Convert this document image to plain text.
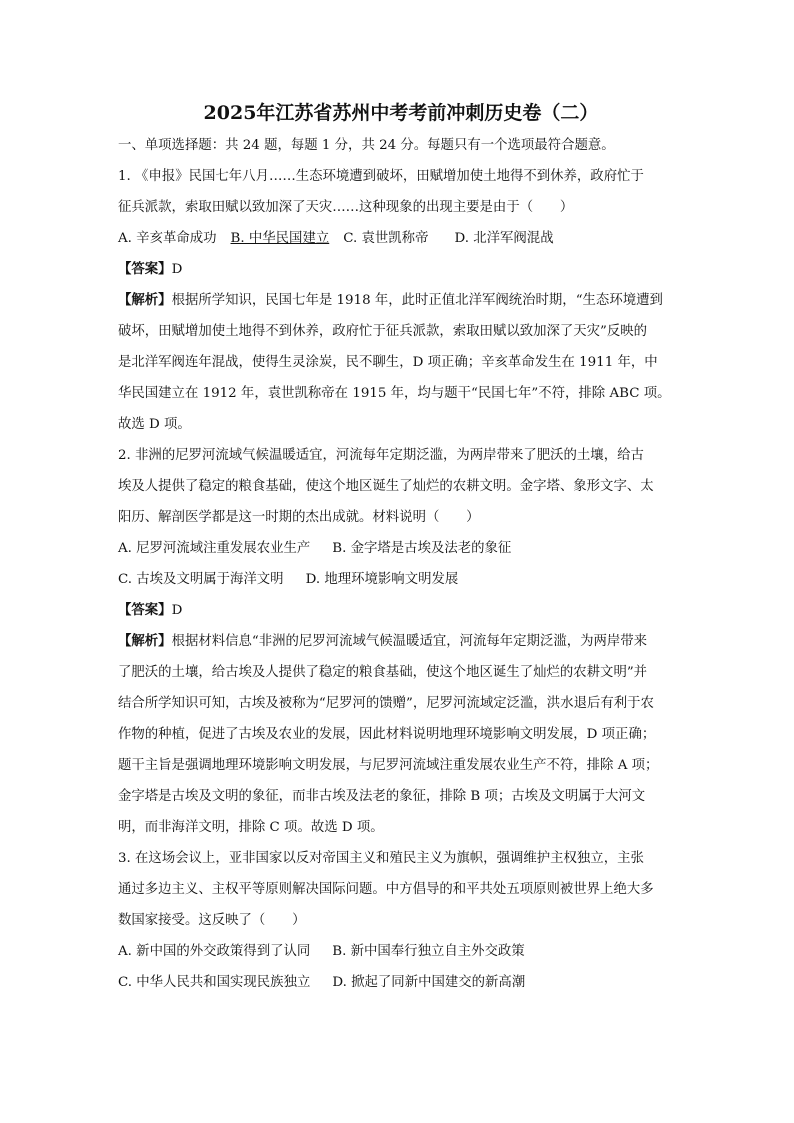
2025年江苏省苏州中考考前冲刺历史卷（二）
一、单项选择题：共 24 题，每题 1 分，共 24 分。每题只有一个选项最符合题意。
1. 《申报》民国七年八月……生态环境遭到破坏，田赋增加使土地得不到休养，政府忙于
征兵派款，索取田赋以致加深了天灾……这种现象的出现主要是由于（　　）
A. 辛亥革命成功 B. 中华民国建立 C. 袁世凯称帝 D. 北洋军阀混战
【答案】D
【解析】根据所学知识，民国七年是 1918 年，此时正值北洋军阀统治时期，“生态环境遭到
破坏，田赋增加使土地得不到休养，政府忙于征兵派款，索取田赋以致加深了天灾”反映的
是北洋军阀连年混战，使得生灵涂炭，民不聊生，D 项正确；辛亥革命发生在 1911 年，中
华民国建立在 1912 年，袁世凯称帝在 1915 年，均与题干“民国七年”不符，排除 ABC 项。
故选 D 项。
2. 非洲的尼罗河流域气候温暖适宜，河流每年定期泛滥，为两岸带来了肥沃的土壤，给古
埃及人提供了稳定的粮食基础，使这个地区诞生了灿烂的农耕文明。金字塔、象形文字、太
阳历、解剖医学都是这一时期的杰出成就。材料说明（　　）
A. 尼罗河流域注重发展农业生产 B. 金字塔是古埃及法老的象征
C. 古埃及文明属于海洋文明 D. 地理环境影响文明发展
【答案】D
【解析】根据材料信息“非洲的尼罗河流域气候温暖适宜，河流每年定期泛滥，为两岸带来
了肥沃的土壤，给古埃及人提供了稳定的粮食基础，使这个地区诞生了灿烂的农耕文明”并
结合所学知识可知，古埃及被称为“尼罗河的馈赠”，尼罗河流域定泛滥，洪水退后有利于农
作物的种植，促进了古埃及农业的发展，因此材料说明地理环境影响文明发展，D 项正确；
题干主旨是强调地理环境影响文明发展，与尼罗河流域注重发展农业生产不符，排除 A 项；
金字塔是古埃及文明的象征，而非古埃及法老的象征，排除 B 项；古埃及文明属于大河文
明，而非海洋文明，排除 C 项。故选 D 项。
3. 在这场会议上，亚非国家以反对帝国主义和殖民主义为旗帜，强调维护主权独立，主张
通过多边主义、主权平等原则解决国际问题。中方倡导的和平共处五项原则被世界上绝大多
数国家接受。这反映了（　　）
A. 新中国的外交政策得到了认同 B. 新中国奉行独立自主外交政策
C. 中华人民共和国实现民族独立 D. 掀起了同新中国建交的新高潮
